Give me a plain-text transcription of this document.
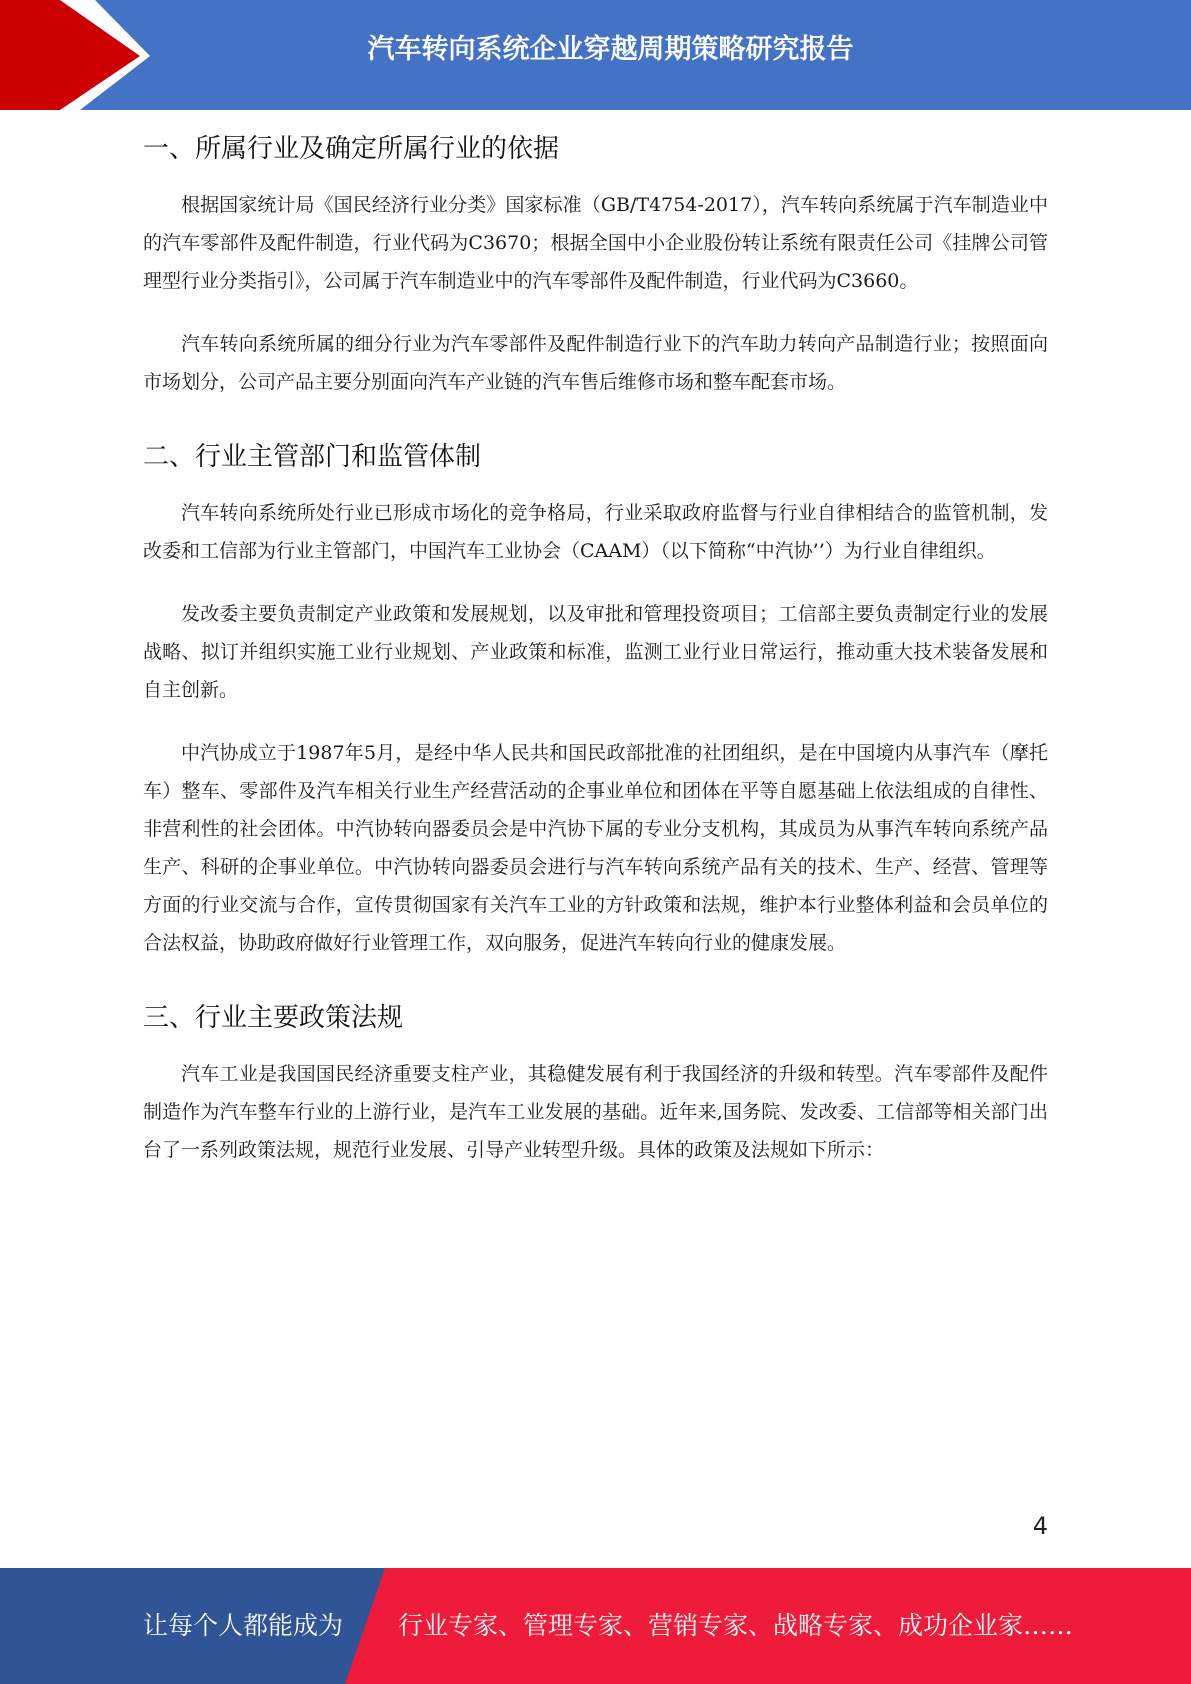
汽车转向系统企业穿越周期策略研究报告
一、所属行业及确定所属行业的依据

根据国家统计局《国民经济行业分类》国家标准（GB/T4754-2017），汽车转向系统属于汽车制造业中的汽车零部件及配件制造，行业代码为C3670；根据全国中小企业股份转让系统有限责任公司《挂牌公司管理型行业分类指引》，公司属于汽车制造业中的汽车零部件及配件制造，行业代码为C3660。

汽车转向系统所属的细分行业为汽车零部件及配件制造行业下的汽车助力转向产品制造行业；按照面向市场划分，公司产品主要分别面向汽车产业链的汽车售后维修市场和整车配套市场。

二、行业主管部门和监管体制

汽车转向系统所处行业已形成市场化的竞争格局，行业采取政府监督与行业自律相结合的监管机制，发改委和工信部为行业主管部门，中国汽车工业协会（CAAM）（以下简称“中汽协’’）为行业自律组织。

发改委主要负责制定产业政策和发展规划，以及审批和管理投资项目；工信部主要负责制定行业的发展战略、拟订并组织实施工业行业规划、产业政策和标准，监测工业行业日常运行，推动重大技术装备发展和自主创新。

中汽协成立于1987年5月，是经中华人民共和国民政部批准的社团组织，是在中国境内从事汽车（摩托车）整车、零部件及汽车相关行业生产经营活动的企事业单位和团体在平等自愿基础上依法组成的自律性、非营利性的社会团体。中汽协转向器委员会是中汽协下属的专业分支机构，其成员为从事汽车转向系统产品生产、科研的企事业单位。中汽协转向器委员会进行与汽车转向系统产品有关的技术、生产、经营、管理等方面的行业交流与合作，宣传贯彻国家有关汽车工业的方针政策和法规，维护本行业整体利益和会员单位的合法权益，协助政府做好行业管理工作，双向服务，促进汽车转向行业的健康发展。

三、行业主要政策法规

汽车工业是我国国民经济重要支柱产业，其稳健发展有利于我国经济的升级和转型。汽车零部件及配件制造作为汽车整车行业的上游行业，是汽车工业发展的基础。近年来,国务院、发改委、工信部等相关部门出台了一系列政策法规，规范行业发展、引导产业转型升级。具体的政策及法规如下所示：

4
让每个人都能成为 行业专家、管理专家、营销专家、战略专家、成功企业家……
